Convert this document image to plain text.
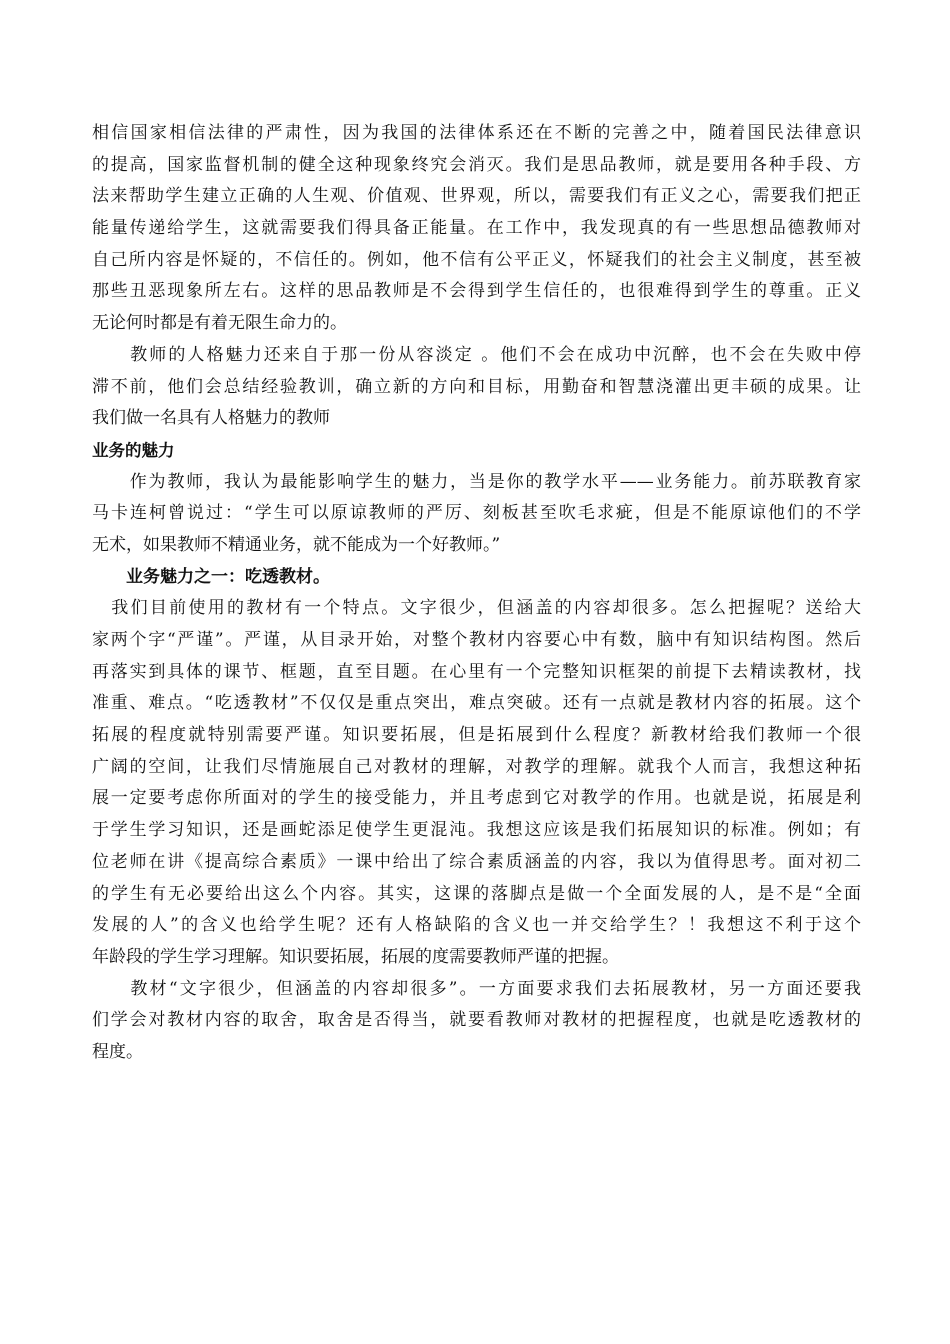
相信国家相信法律的严肃性，因为我国的法律体系还在不断的完善之中，随着国民法律意识
的提高，国家监督机制的健全这种现象终究会消灭。我们是思品教师，就是要用各种手段、方
法来帮助学生建立正确的人生观、价值观、世界观，所以，需要我们有正义之心，需要我们把正
能量传递给学生，这就需要我们得具备正能量。在工作中，我发现真的有一些思想品德教师对
自己所内容是怀疑的，不信任的。例如，他不信有公平正义，怀疑我们的社会主义制度，甚至被
那些丑恶现象所左右。这样的思品教师是不会得到学生信任的，也很难得到学生的尊重。正义
无论何时都是有着无限生命力的。
　　教师的人格魅力还来自于那一份从容淡定 。他们不会在成功中沉醉，也不会在失败中停
滞不前，他们会总结经验教训，确立新的方向和目标，用勤奋和智慧浇灌出更丰硕的成果。让
我们做一名具有人格魅力的教师
业务的魅力
　　作为教师，我认为最能影响学生的魅力，当是你的教学水平——业务能力。前苏联教育家
马卡连柯曾说过：“学生可以原谅教师的严厉、刻板甚至吹毛求疵，但是不能原谅他们的不学
无术，如果教师不精通业务，就不能成为一个好教师。”
　　业务魅力之一：吃透教材。
　我们目前使用的教材有一个特点。文字很少，但涵盖的内容却很多。怎么把握呢？送给大
家两个字“严谨”。严谨，从目录开始，对整个教材内容要心中有数，脑中有知识结构图。然后
再落实到具体的课节、框题，直至目题。在心里有一个完整知识框架的前提下去精读教材，找
准重、难点。“吃透教材”不仅仅是重点突出，难点突破。还有一点就是教材内容的拓展。这个
拓展的程度就特别需要严谨。知识要拓展，但是拓展到什么程度？新教材给我们教师一个很
广阔的空间，让我们尽情施展自己对教材的理解，对教学的理解。就我个人而言，我想这种拓
展一定要考虑你所面对的学生的接受能力，并且考虑到它对教学的作用。也就是说，拓展是利
于学生学习知识，还是画蛇添足使学生更混沌。我想这应该是我们拓展知识的标准。例如；有
位老师在讲《提高综合素质》一课中给出了综合素质涵盖的内容，我以为值得思考。面对初二
的学生有无必要给出这么个内容。其实，这课的落脚点是做一个全面发展的人，是不是“全面
发展的人”的含义也给学生呢？还有人格缺陷的含义也一并交给学生？！我想这不利于这个
年龄段的学生学习理解。知识要拓展，拓展的度需要教师严谨的把握。
　　教材“文字很少，但涵盖的内容却很多”。一方面要求我们去拓展教材，另一方面还要我
们学会对教材内容的取舍，取舍是否得当，就要看教师对教材的把握程度，也就是吃透教材的
程度。
